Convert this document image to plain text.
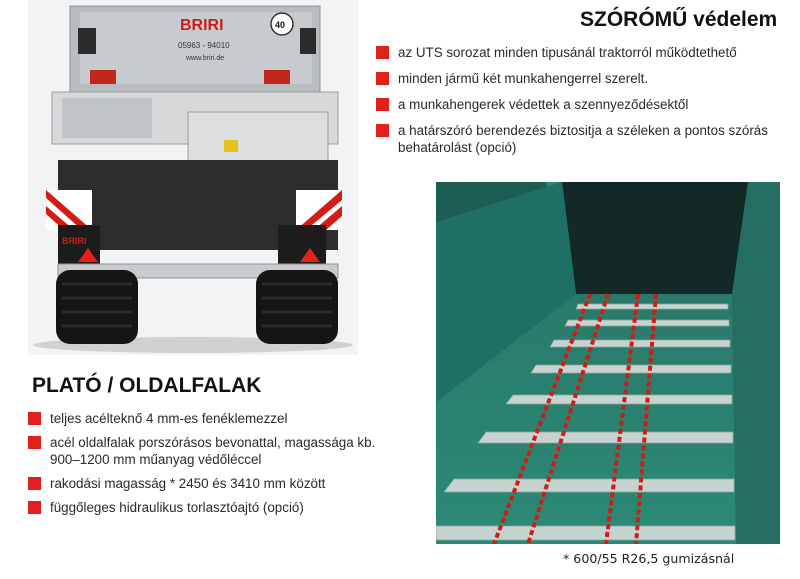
BRIRI
05963 - 94010
www.briri.de
40
BRIRI
SZÓRÓMŰ védelem
az UTS sorozat minden tipusánál traktorról működtethető
minden jármű két munkahengerrel szerelt.
a munkahengerek védettek a szennyeződésektől
a határszóró berendezés biztositja a széleken a pontos szórás behatárolást (opció)
PLATÓ / OLDALFALAK
teljes acélteknő 4 mm-es fenéklemezzel
acél oldalfalak porszórásos bevonattal, magassága kb. 900–1200 mm műanyag védőléccel
rakodási magasság * 2450 és 3410 mm között
függőleges hidraulikus torlasztóajtó (opció)
* 600/55 R26,5 gumizásnál
